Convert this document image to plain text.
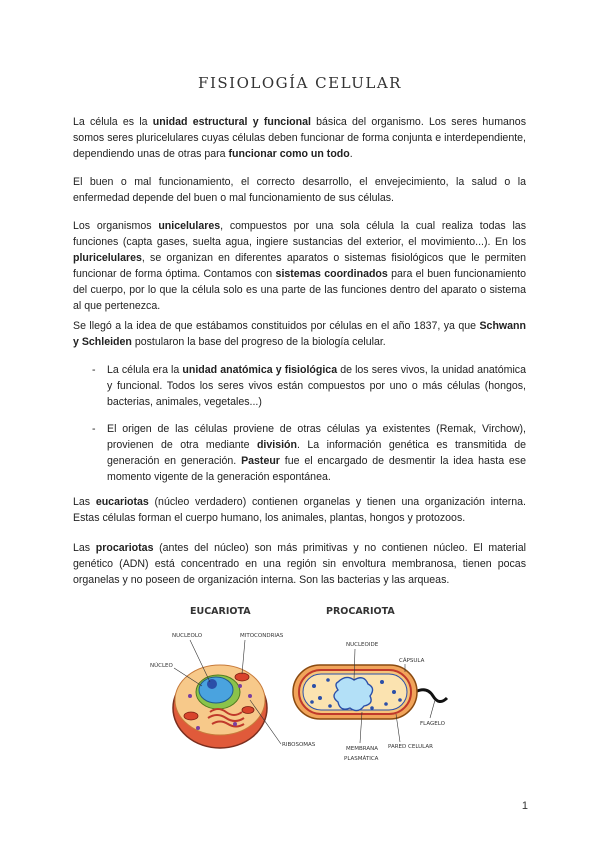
FISIOLOGÍA CELULAR

La célula es la unidad estructural y funcional básica del organismo. Los seres humanos somos seres pluricelulares cuyas células deben funcionar de forma conjunta e interdependiente, dependiendo unas de otras para funcionar como un todo.

El buen o mal funcionamiento, el correcto desarrollo, el envejecimiento, la salud o la enfermedad depende del buen o mal funcionamiento de sus células.

Los organismos unicelulares, compuestos por una sola célula la cual realiza todas las funciones (capta gases, suelta agua, ingiere sustancias del exterior, el movimiento...). En los pluricelulares, se organizan en diferentes aparatos o sistemas fisiológicos que le permiten funcionar de forma óptima. Contamos con sistemas coordinados para el buen funcionamiento del cuerpo, por lo que la célula solo es una parte de las funciones dentro del aparato o sistema al que pertenezca.

Se llegó a la idea de que estábamos constituidos por células en el año 1837, ya que Schwann y Schleiden postularon la base del progreso de la biología celular.

- La célula era la unidad anatómica y fisiológica de los seres vivos, la unidad anatómica y funcional. Todos los seres vivos están compuestos por uno o más células (hongos, bacterias, animales, vegetales...)
- El origen de las células proviene de otras células ya existentes (Remak, Virchow), provienen de otra mediante división. La información genética es transmitida de generación en generación. Pasteur fue el encargado de desmentir la idea hasta ese momento vigente de la generación espontánea.

Las eucariotas (núcleo verdadero) contienen organelas y tienen una organización interna. Estas células forman el cuerpo humano, los animales, plantas, hongos y protozoos.

Las procariotas (antes del núcleo) son más primitivas y no contienen núcleo. El material genético (ADN) está concentrado en una región sin envoltura membranosa, tienen pocas organelas y no poseen de organización interna. Son las bacterias y las arqueas.

EUCARIOTA	PROCARIOTA
NUCLEOLO	MITOCONDRIAS
NÚCLEO
RIBOSOMAS
NUCLEOIDE
CÁPSULA
FLAGELO
PARED CELULAR
MEMBRANA
PLASMÁTICA
1
